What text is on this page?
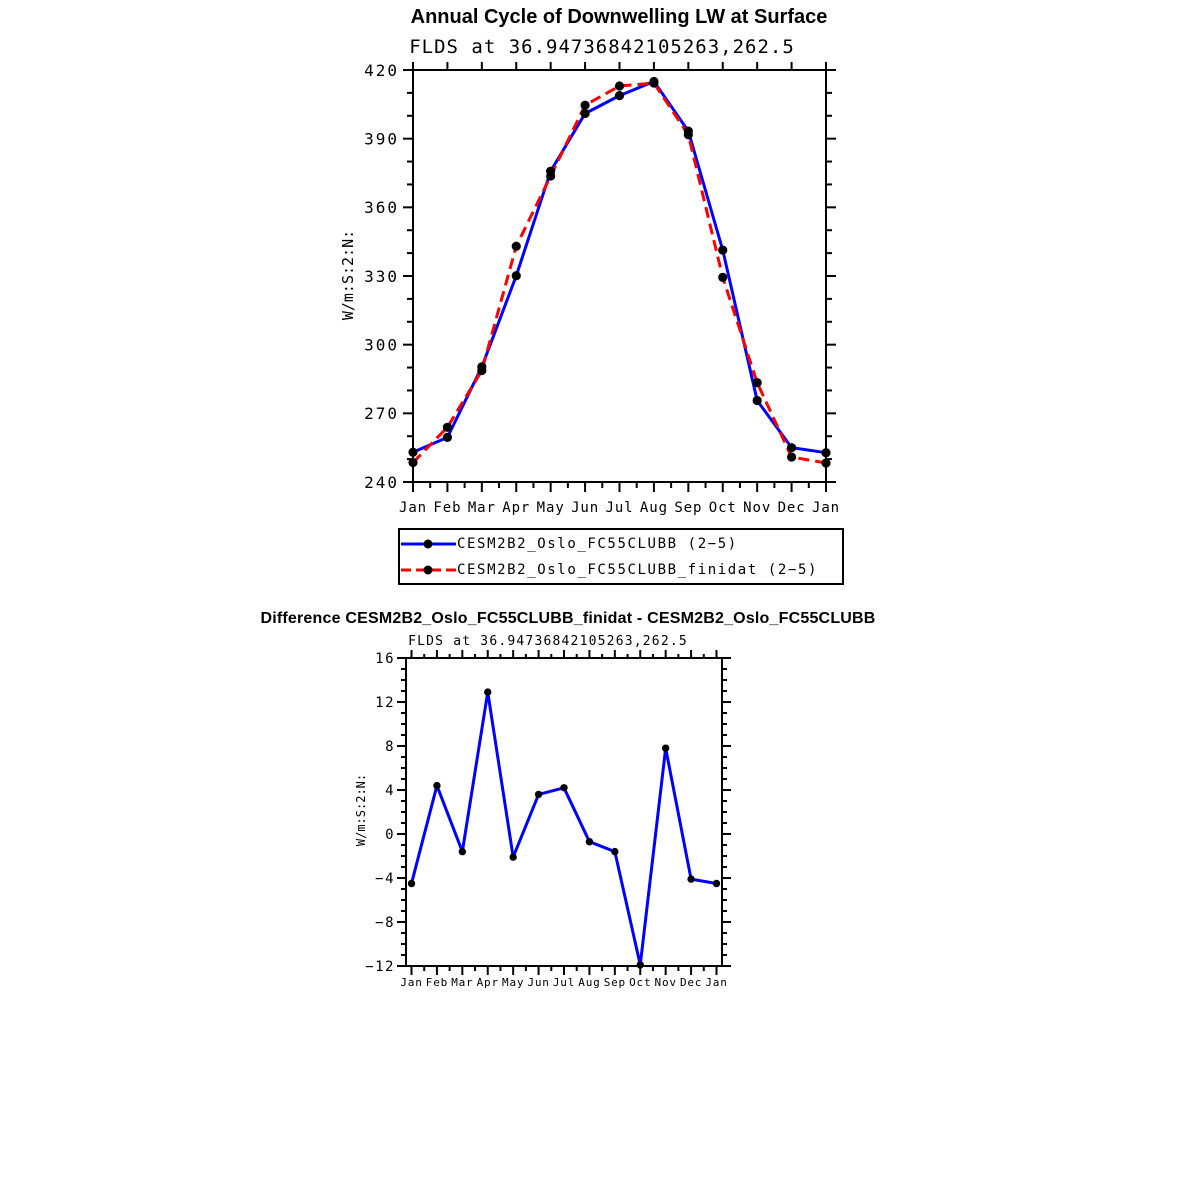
240
270
300
330
360
390
420
Jan Feb Mar Apr May Jun Jul Aug Sep Oct Nov Dec Jan
−12
−8
−4
0
4
8
12
16
Jan Feb Mar Apr May Jun Jul Aug Sep Oct Nov Dec Jan
Annual Cycle of Downwelling LW at Surface
FLDS at 36.94736842105263,262.5
W/m:S:2:N:
CESM2B2_Oslo_FC55CLUBB (2−5)
CESM2B2_Oslo_FC55CLUBB_finidat (2−5)
Difference CESM2B2_Oslo_FC55CLUBB_finidat - CESM2B2_Oslo_FC55CLUBB
FLDS at 36.94736842105263,262.5
W/m:S:2:N:
